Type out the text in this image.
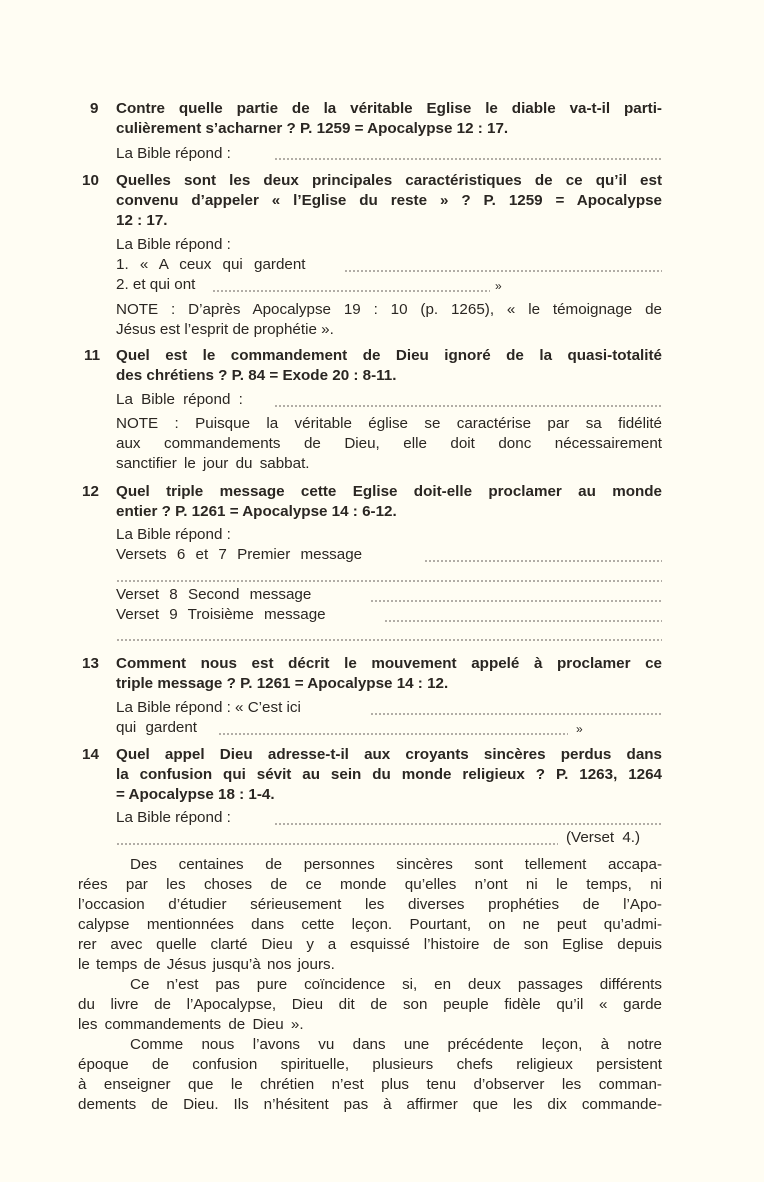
9 Contre quelle partie de la véritable Eglise le diable va-t-il parti-
culièrement s’acharner ? P. 1259 = Apocalypse 12 : 17.
La Bible répond :
10 Quelles sont les deux principales caractéristiques de ce qu’il est
convenu d’appeler « l’Eglise du reste » ? P. 1259 = Apocalypse
12 : 17.
La Bible répond :
1. « A ceux qui gardent
2. et qui ont	»
NOTE : D’après Apocalypse 19 : 10 (p. 1265), « le témoignage de
Jésus est l’esprit de prophétie ».
11 Quel est le commandement de Dieu ignoré de la quasi-totalité
des chrétiens ? P. 84 = Exode 20 : 8-11.
La Bible répond :
NOTE : Puisque la véritable église se caractérise par sa fidélité
aux commandements de Dieu, elle doit donc nécessairement
sanctifier le jour du sabbat.
12 Quel triple message cette Eglise doit-elle proclamer au monde
entier ? P. 1261 = Apocalypse 14 : 6-12.
La Bible répond :
Versets 6 et 7 Premier message
Verset 8 Second message
Verset 9 Troisième message
13 Comment nous est décrit le mouvement appelé à proclamer ce
triple message ? P. 1261 = Apocalypse 14 : 12.
La Bible répond : « C’est ici
qui gardent	»
14 Quel appel Dieu adresse-t-il aux croyants sincères perdus dans
la confusion qui sévit au sein du monde religieux ? P. 1263, 1264
= Apocalypse 18 : 1-4.
La Bible répond :
(Verset 4.)
Des centaines de personnes sincères sont tellement accapa-
rées par les choses de ce monde qu’elles n’ont ni le temps, ni
l’occasion d’étudier sérieusement les diverses prophéties de l’Apo-
calypse mentionnées dans cette leçon. Pourtant, on ne peut qu’admi-
rer avec quelle clarté Dieu y a esquissé l’histoire de son Eglise depuis
le temps de Jésus jusqu’à nos jours.
Ce n’est pas pure coïncidence si, en deux passages différents
du livre de l’Apocalypse, Dieu dit de son peuple fidèle qu’il « garde
les commandements de Dieu ».
Comme nous l’avons vu dans une précédente leçon, à notre
époque de confusion spirituelle, plusieurs chefs religieux persistent
à enseigner que le chrétien n’est plus tenu d’observer les comman-
dements de Dieu. Ils n’hésitent pas à affirmer que les dix commande-
